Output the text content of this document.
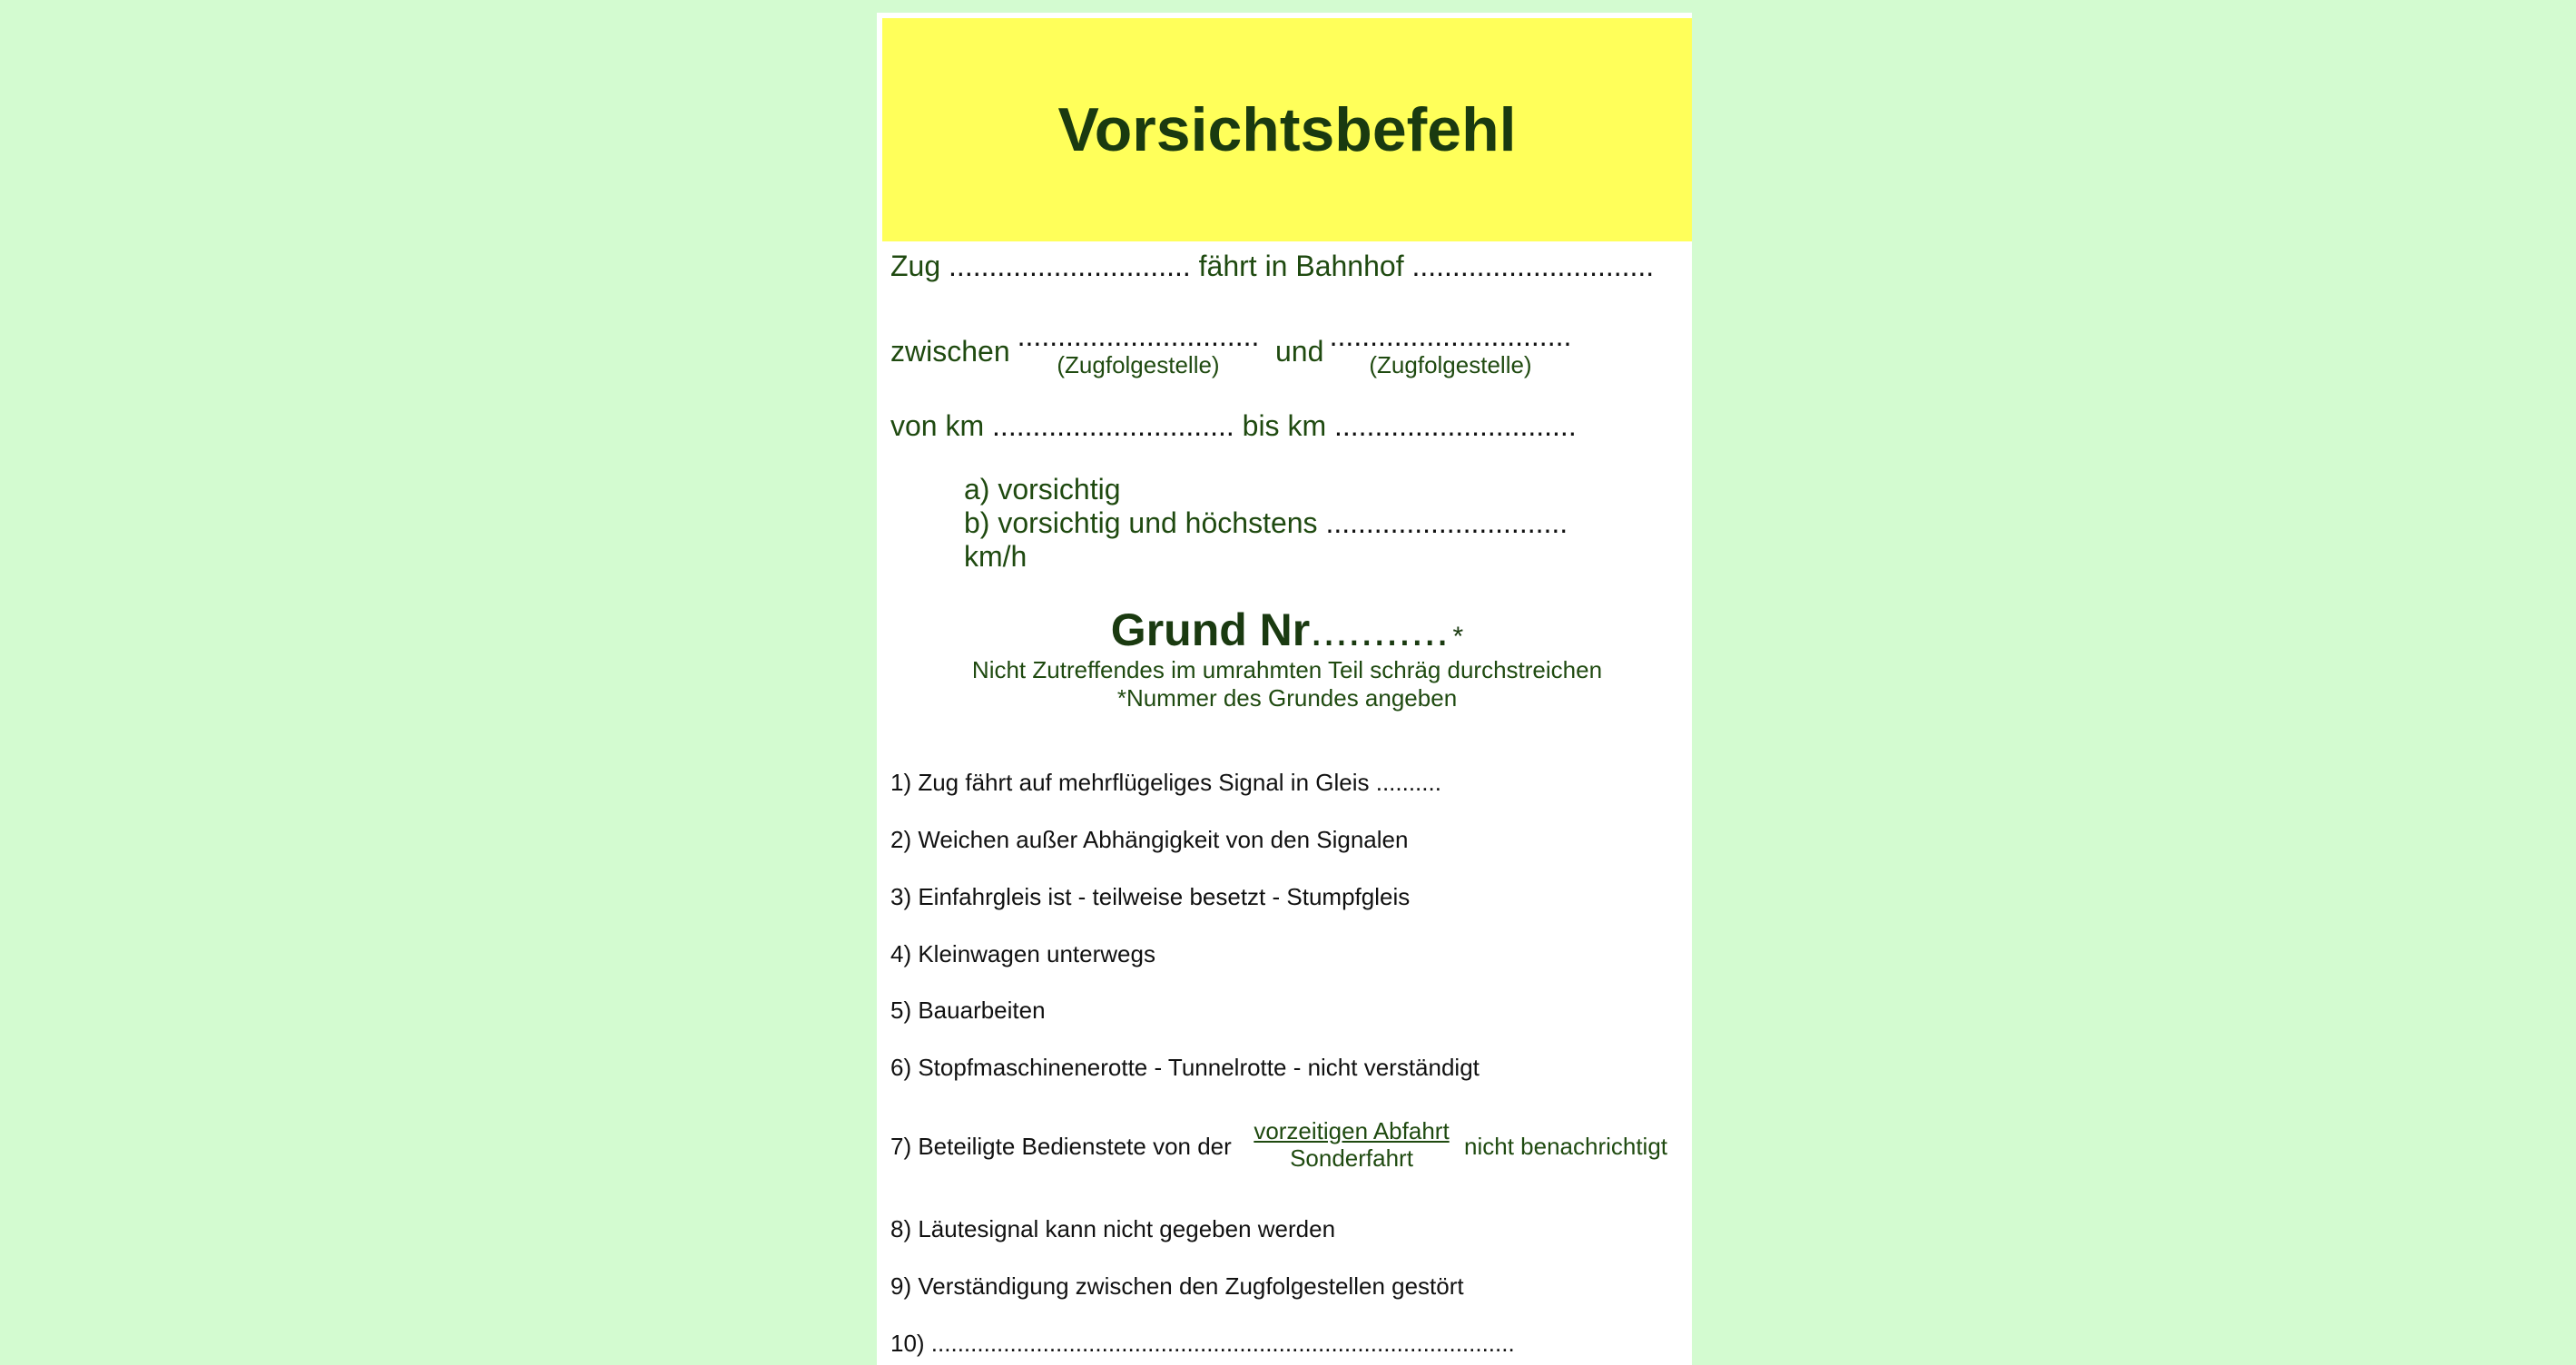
Vorsichtsbefehl
Zug .............................. fährt in Bahnhof ..............................
zwischen ..............................
(Zugfolgestelle)	und ..............................
(Zugfolgestelle)
von km .............................. bis km ..............................
a) vorsichtig
b) vorsichtig und höchstens .............................. km/h
Grund Nr........... *
Nicht Zutreffendes im umrahmten Teil schräg durchstreichen
*Nummer des Grundes angeben
1) Zug fährt auf mehrflügeliges Signal in Gleis ..........
2) Weichen außer Abhängigkeit von den Signalen
3) Einfahrgleis ist - teilweise besetzt - Stumpfgleis
4) Kleinwagen unterwegs
5) Bauarbeiten
6) Stopfmaschinenerotte - Tunnelrotte - nicht verständigt
7) Beteiligte Bedienstete von der
vorzeitigen Abfahrt
Sonderfahrt	nicht benachrichtigt
8) Läutesignal kann nicht gegeben werden
9) Verständigung zwischen den Zugfolgestellen gestört
10) .........................................................................................
